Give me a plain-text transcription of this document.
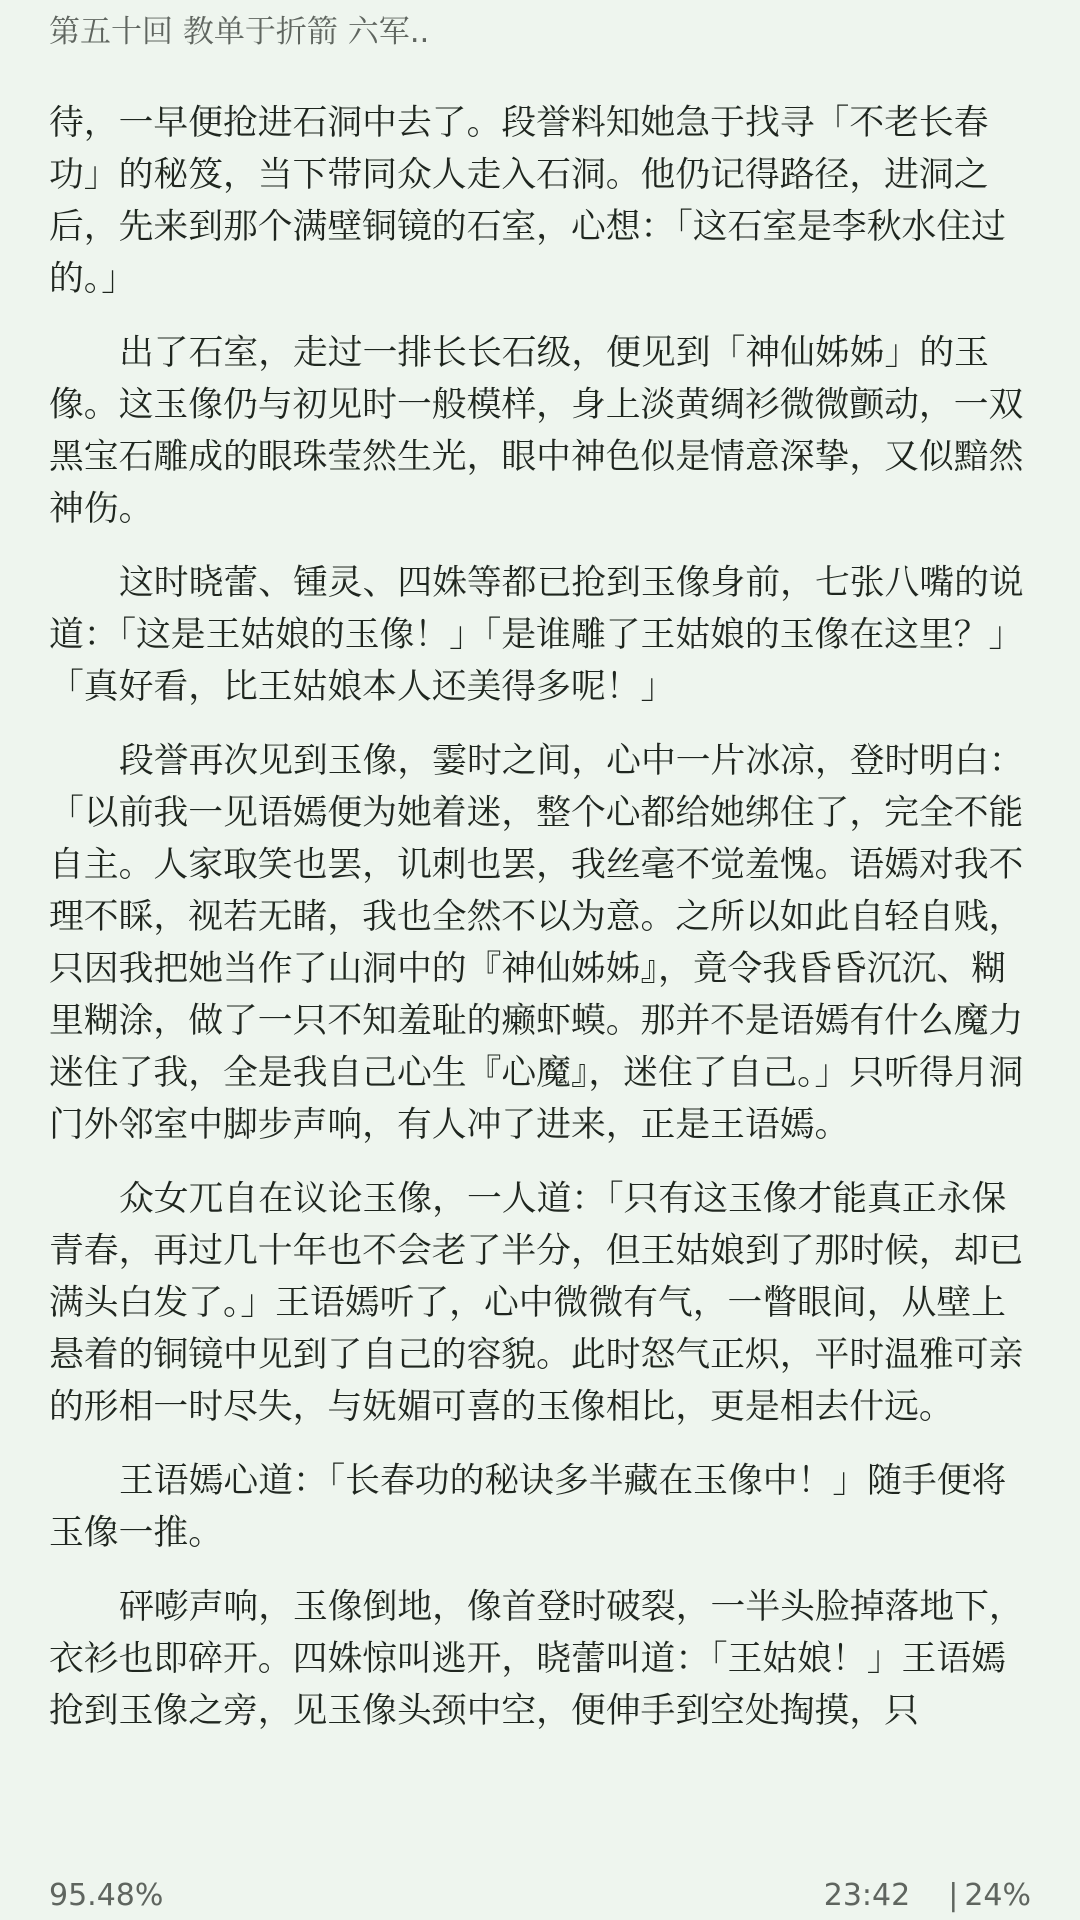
第五十回 教单于折箭 六军..

待，一早便抢进石洞中去了。段誉料知她急于找寻「不老长春功」的秘笈，当下带同众人走入石洞。他仍记得路径，进洞之后，先来到那个满壁铜镜的石室，心想：「这石室是李秋水住过的。」

出了石室，走过一排长长石级，便见到「神仙姊姊」的玉像。这玉像仍与初见时一般模样，身上淡黄绸衫微微颤动，一双黑宝石雕成的眼珠莹然生光，眼中神色似是情意深挚，又似黯然神伤。

这时晓蕾、锺灵、四姝等都已抢到玉像身前，七张八嘴的说道：「这是王姑娘的玉像！」「是谁雕了王姑娘的玉像在这里？」「真好看，比王姑娘本人还美得多呢！」

段誉再次见到玉像，霎时之间，心中一片冰凉，登时明白：「以前我一见语嫣便为她着迷，整个心都给她绑住了，完全不能自主。人家取笑也罢，讥刺也罢，我丝毫不觉羞愧。语嫣对我不理不睬，视若无睹，我也全然不以为意。之所以如此自轻自贱，只因我把她当作了山洞中的『神仙姊姊』，竟令我昏昏沉沉、糊里糊涂，做了一只不知羞耻的癞虾蟆。那并不是语嫣有什么魔力迷住了我，全是我自己心生『心魔』，迷住了自己。」只听得月洞门外邻室中脚步声响，有人冲了进来，正是王语嫣。

众女兀自在议论玉像，一人道：「只有这玉像才能真正永保青春，再过几十年也不会老了半分，但王姑娘到了那时候，却已满头白发了。」王语嫣听了，心中微微有气，一瞥眼间，从壁上悬着的铜镜中见到了自己的容貌。此时怒气正炽，平时温雅可亲的形相一时尽失，与妩媚可喜的玉像相比，更是相去什远。

王语嫣心道：「长春功的秘诀多半藏在玉像中！」随手便将玉像一推。

砰嘭声响，玉像倒地，像首登时破裂，一半头脸掉落地下，衣衫也即碎开。四姝惊叫逃开，晓蕾叫道：「王姑娘！」王语嫣抢到玉像之旁，见玉像头颈中空，便伸手到空处掏摸，只

95.48%	23:42 | 24%
